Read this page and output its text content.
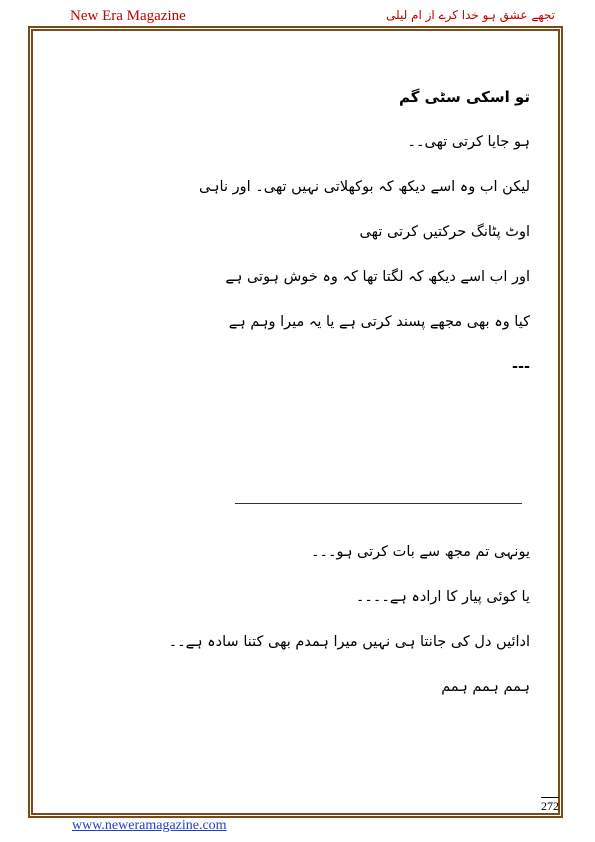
New Era Magazine	تجھے عشق ہو خدا کرے از ام لیلی
تو اسکی سٹی گم
ہو جایا کرتی تھی۔۔
لیکن اب وہ اسے دیکھ کہ بوکھلاتی نہیں تھی۔ اور ناہی
اوٹ پٹانگ حرکتیں کرتی تھی
اور اب اسے دیکھ کہ لگتا تھا کہ وہ خوش ہوتی ہے
کیا وہ بھی مجھے پسند کرتی ہے یا یہ میرا وہم ہے
---
یونہی تم مجھ سے بات کرتی ہو۔۔۔
یا کوئی پیار کا ارادہ ہے۔۔۔۔
ادائیں دل کی جانتا ہی نہیں میرا ہمدم بھی کتنا سادہ ہے۔۔
ہمم ہمم ہمم
272
www.neweramagazine.com
